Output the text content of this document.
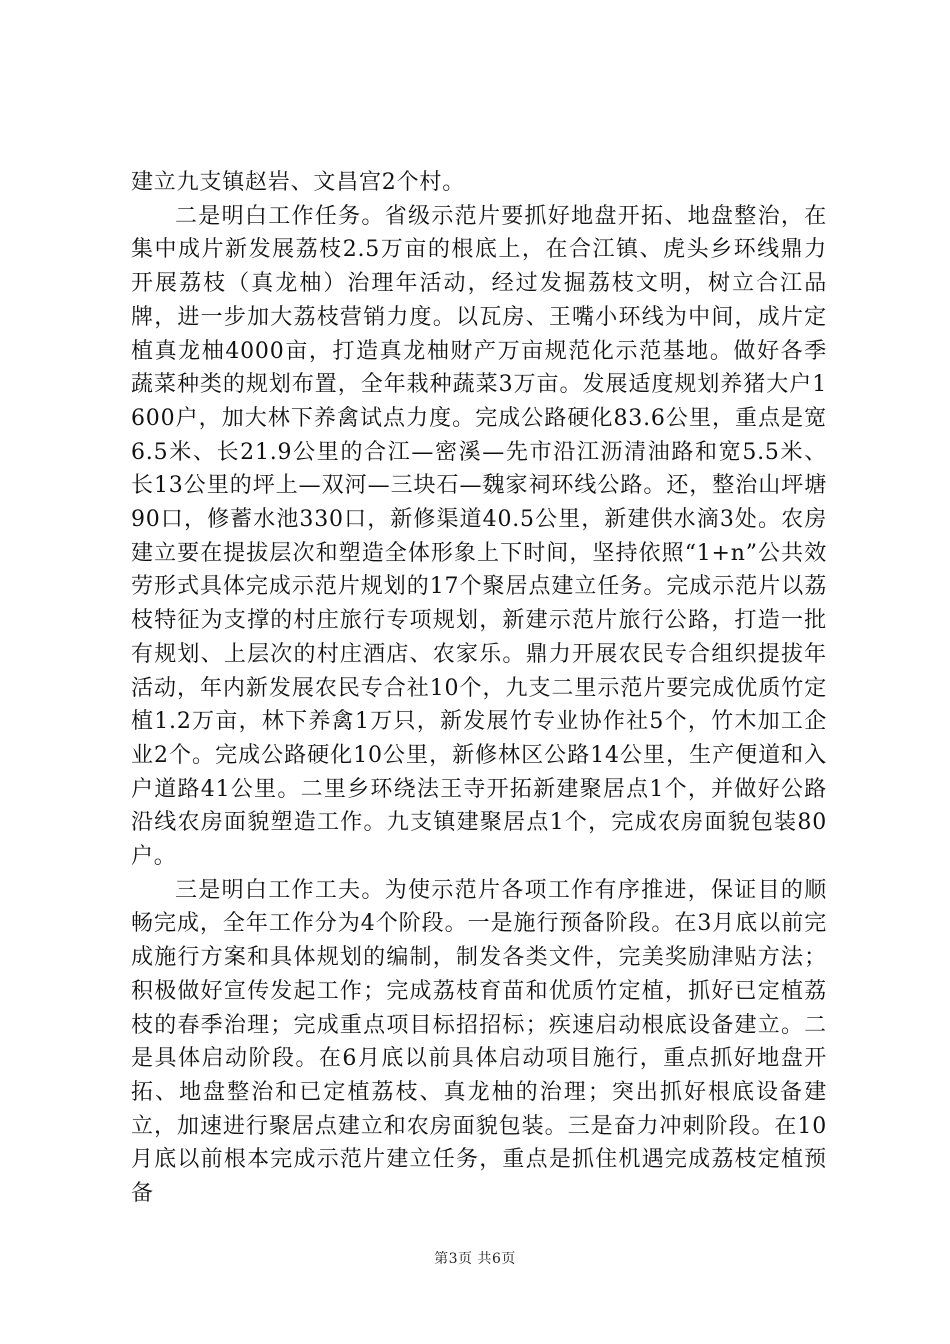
建立九支镇赵岩、文昌宫2个村。

二是明白工作任务。省级示范片要抓好地盘开拓、地盘整治，在集中成片新发展荔枝2.5万亩的根底上，在合江镇、虎头乡环线鼎力开展荔枝（真龙柚）治理年活动，经过发掘荔枝文明，树立合江品牌，进一步加大荔枝营销力度。以瓦房、王嘴小环线为中间，成片定植真龙柚4000亩，打造真龙柚财产万亩规范化示范基地。做好各季蔬菜种类的规划布置，全年栽种蔬菜3万亩。发展适度规划养猪大户1600户，加大林下养禽试点力度。完成公路硬化83.6公里，重点是宽6.5米、长21.9公里的合江—密溪—先市沿江沥清油路和宽5.5米、长13公里的坪上—双河—三块石—魏家祠环线公路。还，整治山坪塘90口，修蓄水池330口，新修渠道40.5公里，新建供水滴3处。农房建立要在提拔层次和塑造全体形象上下时间，坚持依照“1+n”公共效劳形式具体完成示范片规划的17个聚居点建立任务。完成示范片以荔枝特征为支撑的村庄旅行专项规划，新建示范片旅行公路，打造一批有规划、上层次的村庄酒店、农家乐。鼎力开展农民专合组织提拔年活动，年内新发展农民专合社10个，九支二里示范片要完成优质竹定植1.2万亩，林下养禽1万只，新发展竹专业协作社5个，竹木加工企业2个。完成公路硬化10公里，新修林区公路14公里，生产便道和入户道路41公里。二里乡环绕法王寺开拓新建聚居点1个，并做好公路沿线农房面貌塑造工作。九支镇建聚居点1个，完成农房面貌包装80户。

三是明白工作工夫。为使示范片各项工作有序推进，保证目的顺畅完成，全年工作分为4个阶段。一是施行预备阶段。在3月底以前完成施行方案和具体规划的编制，制发各类文件，完美奖励津贴方法；积极做好宣传发起工作；完成荔枝育苗和优质竹定植，抓好已定植荔枝的春季治理；完成重点项目标招招标；疾速启动根底设备建立。二是具体启动阶段。在6月底以前具体启动项目施行，重点抓好地盘开拓、地盘整治和已定植荔枝、真龙柚的治理；突出抓好根底设备建立，加速进行聚居点建立和农房面貌包装。三是奋力冲刺阶段。在10月底以前根本完成示范片建立任务，重点是抓住机遇完成荔枝定植预备

第3页 共6页
